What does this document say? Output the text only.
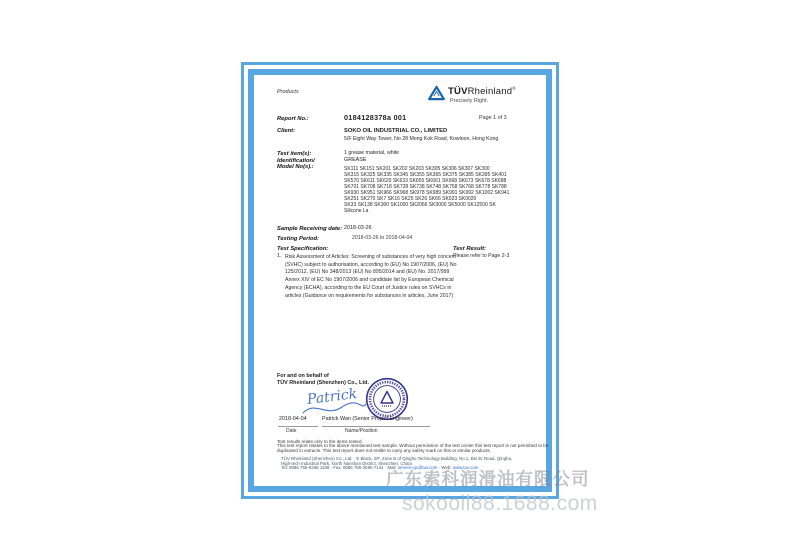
Products	TÜVRheinland®
Precisely Right.
Report No.:	0184128378a 001	Page 1 of 3
Client:	SOKO OIL INDUSTRIAL CO., LIMITED
5/F Eight Way Tower, No 28 Mong Kok Road, Kowloon, Hong Kong
Test item(s):	1 grease material, white
Identification/
Model No(s).:
GREASE
SK111 SK151 SK201 SK202 SK203 SK305 SK306 SK307 SK300
SK315 SK325 SK335 SK345 SK355 SK365 SK375 SK385 SK395 SK401
SK570 SK611 SK620 SK633 SK655 SK661 SK668 SK673 SK678 SK688
SK701 SK708 SK718 SK728 SK738 SK748 SK758 SK768 SK778 SK788
SK930 SK951 SK966 SK968 SK978 SK989 SK991 SK992 SK1002 SK941
SK251 SK270 SK7 SK16 SK25 SK26 SK66 SK023 SK0020
SK33 SK138 SK300 SK1000 SK2066 SK3000 SK5000 SK12500 SK
Silicone La
Sample Receiving date: 2018-03-26
Testing Period:	2018-03-26 to 2018-04-04
Test Specification:	Test Result:
1. Risk Assessment of Articles: Screening of substances of very high concern
(SVHC) subject to authorisation, according to (EU) No 1907/2006, (EU) No
125/2012, (EU) No 348/2013 (EU) No 895/2014 and (EU) No. 2017/999
Annex XIV of EC No 1907/2006 and candidate list by European Chemical
Agency (ECHA), according to the EU Court of Justice rules on SVHCs in
articles (Guidance on requirements for substances in articles, June 2017)
Please refer to Page 2-3
For and on behalf of
TÜV Rheinland (Shenzhen) Co., Ltd.
Patrick
2018-04-04	Patrick Wan (Senior Project Engineer)
Date	Name/Position
Test results relate only to the items tested.
This test report relates to the above mentioned test sample. Without permission of the test center this test report is not permitted to be
duplicated in extracts. This test report does not entitle to carry any safety mark on this or similar products.
TÜV Rheinland (Shenzhen) Co., Ltd. · E Block, 2/F, Zone B of Qinghu Technology Building, No.1, Bei Er Road, Qinghu,
High-tech Industrial Park, North Nanshan District, Shenzhen, China
Tel: 0086 755-8268 1188 · Fax: 0086 755-2695 7144 · Mail: service-gc@tuv.com · Web: www.tuv.com
广东索科润滑油有限公司
sokooil88.1688.com
